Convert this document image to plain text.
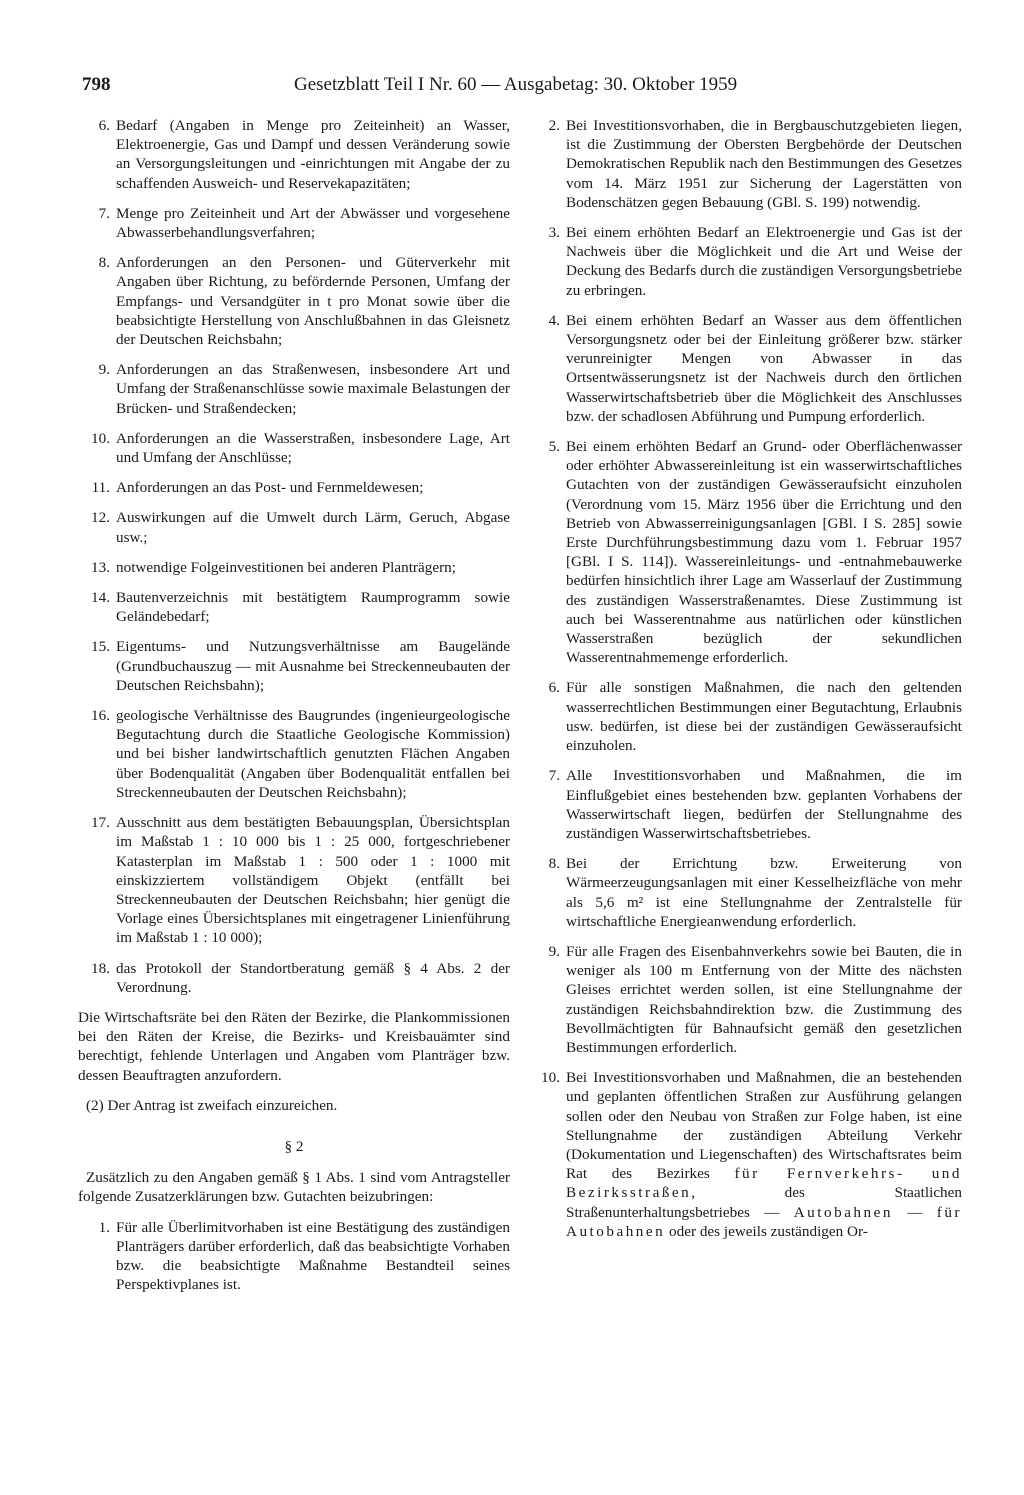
798	Gesetzblatt Teil I Nr. 60 — Ausgabetag: 30. Oktober 1959
6. Bedarf (Angaben in Menge pro Zeiteinheit) an Wasser, Elektroenergie, Gas und Dampf und dessen Veränderung sowie an Versorgungsleitungen und -einrichtungen mit Angabe der zu schaffenden Ausweich- und Reservekapazitäten;
7. Menge pro Zeiteinheit und Art der Abwässer und vorgesehene Abwasserbehandlungsverfahren;
8. Anforderungen an den Personen- und Güterverkehr mit Angaben über Richtung, zu befördernde Personen, Umfang der Empfangs- und Versandgüter in t pro Monat sowie über die beabsichtigte Herstellung von Anschlußbahnen in das Gleisnetz der Deutschen Reichsbahn;
9. Anforderungen an das Straßenwesen, insbesondere Art und Umfang der Straßenanschlüsse sowie maximale Belastungen der Brücken- und Straßendecken;
10. Anforderungen an die Wasserstraßen, insbesondere Lage, Art und Umfang der Anschlüsse;
11. Anforderungen an das Post- und Fernmeldewesen;
12. Auswirkungen auf die Umwelt durch Lärm, Geruch, Abgase usw.;
13. notwendige Folgeinvestitionen bei anderen Planträgern;
14. Bautenverzeichnis mit bestätigtem Raumprogramm sowie Geländebedarf;
15. Eigentums- und Nutzungsverhältnisse am Baugelände (Grundbuchauszug — mit Ausnahme bei Streckenneubauten der Deutschen Reichsbahn);
16. geologische Verhältnisse des Baugrundes (ingenieurgeologische Begutachtung durch die Staatliche Geologische Kommission) und bei bisher landwirtschaftlich genutzten Flächen Angaben über Bodenqualität (Angaben über Bodenqualität entfallen bei Streckenneubauten der Deutschen Reichsbahn);
17. Ausschnitt aus dem bestätigten Bebauungsplan, Übersichtsplan im Maßstab 1 : 10 000 bis 1 : 25 000, fortgeschriebener Katasterplan im Maßstab 1 : 500 oder 1 : 1000 mit einskizziertem vollständigem Objekt (entfällt bei Streckenneubauten der Deutschen Reichsbahn; hier genügt die Vorlage eines Übersichtsplanes mit eingetragener Linienführung im Maßstab 1 : 10 000);
18. das Protokoll der Standortberatung gemäß § 4 Abs. 2 der Verordnung.

Die Wirtschaftsräte bei den Räten der Bezirke, die Plankommissionen bei den Räten der Kreise, die Bezirks- und Kreisbauämter sind berechtigt, fehlende Unterlagen und Angaben vom Planträger bzw. dessen Beauftragten anzufordern.

(2) Der Antrag ist zweifach einzureichen.

§ 2

Zusätzlich zu den Angaben gemäß § 1 Abs. 1 sind vom Antragsteller folgende Zusatzerklärungen bzw. Gutachten beizubringen:

1. Für alle Überlimitvorhaben ist eine Bestätigung des zuständigen Planträgers darüber erforderlich, daß das beabsichtigte Vorhaben bzw. die beabsichtigte Maßnahme Bestandteil seines Perspektivplanes ist.
2. Bei Investitionsvorhaben, die in Bergbauschutzgebieten liegen, ist die Zustimmung der Obersten Bergbehörde der Deutschen Demokratischen Republik nach den Bestimmungen des Gesetzes vom 14. März 1951 zur Sicherung der Lagerstätten von Bodenschätzen gegen Bebauung (GBl. S. 199) notwendig.
3. Bei einem erhöhten Bedarf an Elektroenergie und Gas ist der Nachweis über die Möglichkeit und die Art und Weise der Deckung des Bedarfs durch die zuständigen Versorgungsbetriebe zu erbringen.
4. Bei einem erhöhten Bedarf an Wasser aus dem öffentlichen Versorgungsnetz oder bei der Einleitung größerer bzw. stärker verunreinigter Mengen von Abwasser in das Ortsentwässerungsnetz ist der Nachweis durch den örtlichen Wasserwirtschaftsbetrieb über die Möglichkeit des Anschlusses bzw. der schadlosen Abführung und Pumpung erforderlich.
5. Bei einem erhöhten Bedarf an Grund- oder Oberflächenwasser oder erhöhter Abwassereinleitung ist ein wasserwirtschaftliches Gutachten von der zuständigen Gewässeraufsicht einzuholen (Verordnung vom 15. März 1956 über die Errichtung und den Betrieb von Abwasserreinigungsanlagen [GBl. I S. 285] sowie Erste Durchführungsbestimmung dazu vom 1. Februar 1957 [GBl. I S. 114]). Wassereinleitungs- und -entnahmebauwerke bedürfen hinsichtlich ihrer Lage am Wasserlauf der Zustimmung des zuständigen Wasserstraßenamtes. Diese Zustimmung ist auch bei Wasserentnahme aus natürlichen oder künstlichen Wasserstraßen bezüglich der sekundlichen Wasserentnahmemenge erforderlich.
6. Für alle sonstigen Maßnahmen, die nach den geltenden wasserrechtlichen Bestimmungen einer Begutachtung, Erlaubnis usw. bedürfen, ist diese bei der zuständigen Gewässeraufsicht einzuholen.
7. Alle Investitionsvorhaben und Maßnahmen, die im Einflußgebiet eines bestehenden bzw. geplanten Vorhabens der Wasserwirtschaft liegen, bedürfen der Stellungnahme des zuständigen Wasserwirtschaftsbetriebes.
8. Bei der Errichtung bzw. Erweiterung von Wärmeerzeugungsanlagen mit einer Kesselheizfläche von mehr als 5,6 m² ist eine Stellungnahme der Zentralstelle für wirtschaftliche Energieanwendung erforderlich.
9. Für alle Fragen des Eisenbahnverkehrs sowie bei Bauten, die in weniger als 100 m Entfernung von der Mitte des nächsten Gleises errichtet werden sollen, ist eine Stellungnahme der zuständigen Reichsbahndirektion bzw. die Zustimmung des Bevollmächtigten für Bahnaufsicht gemäß den gesetzlichen Bestimmungen erforderlich.
10. Bei Investitionsvorhaben und Maßnahmen, die an bestehenden und geplanten öffentlichen Straßen zur Ausführung gelangen sollen oder den Neubau von Straßen zur Folge haben, ist eine Stellungnahme der zuständigen Abteilung Verkehr (Dokumentation und Liegenschaften) des Wirtschaftsrates beim Rat des Bezirkes für Fernverkehrs- und Bezirksstraßen, des Staatlichen Straßenunterhaltungsbetriebes — Autobahnen — für Autobahnen oder des jeweils zuständigen Or-
